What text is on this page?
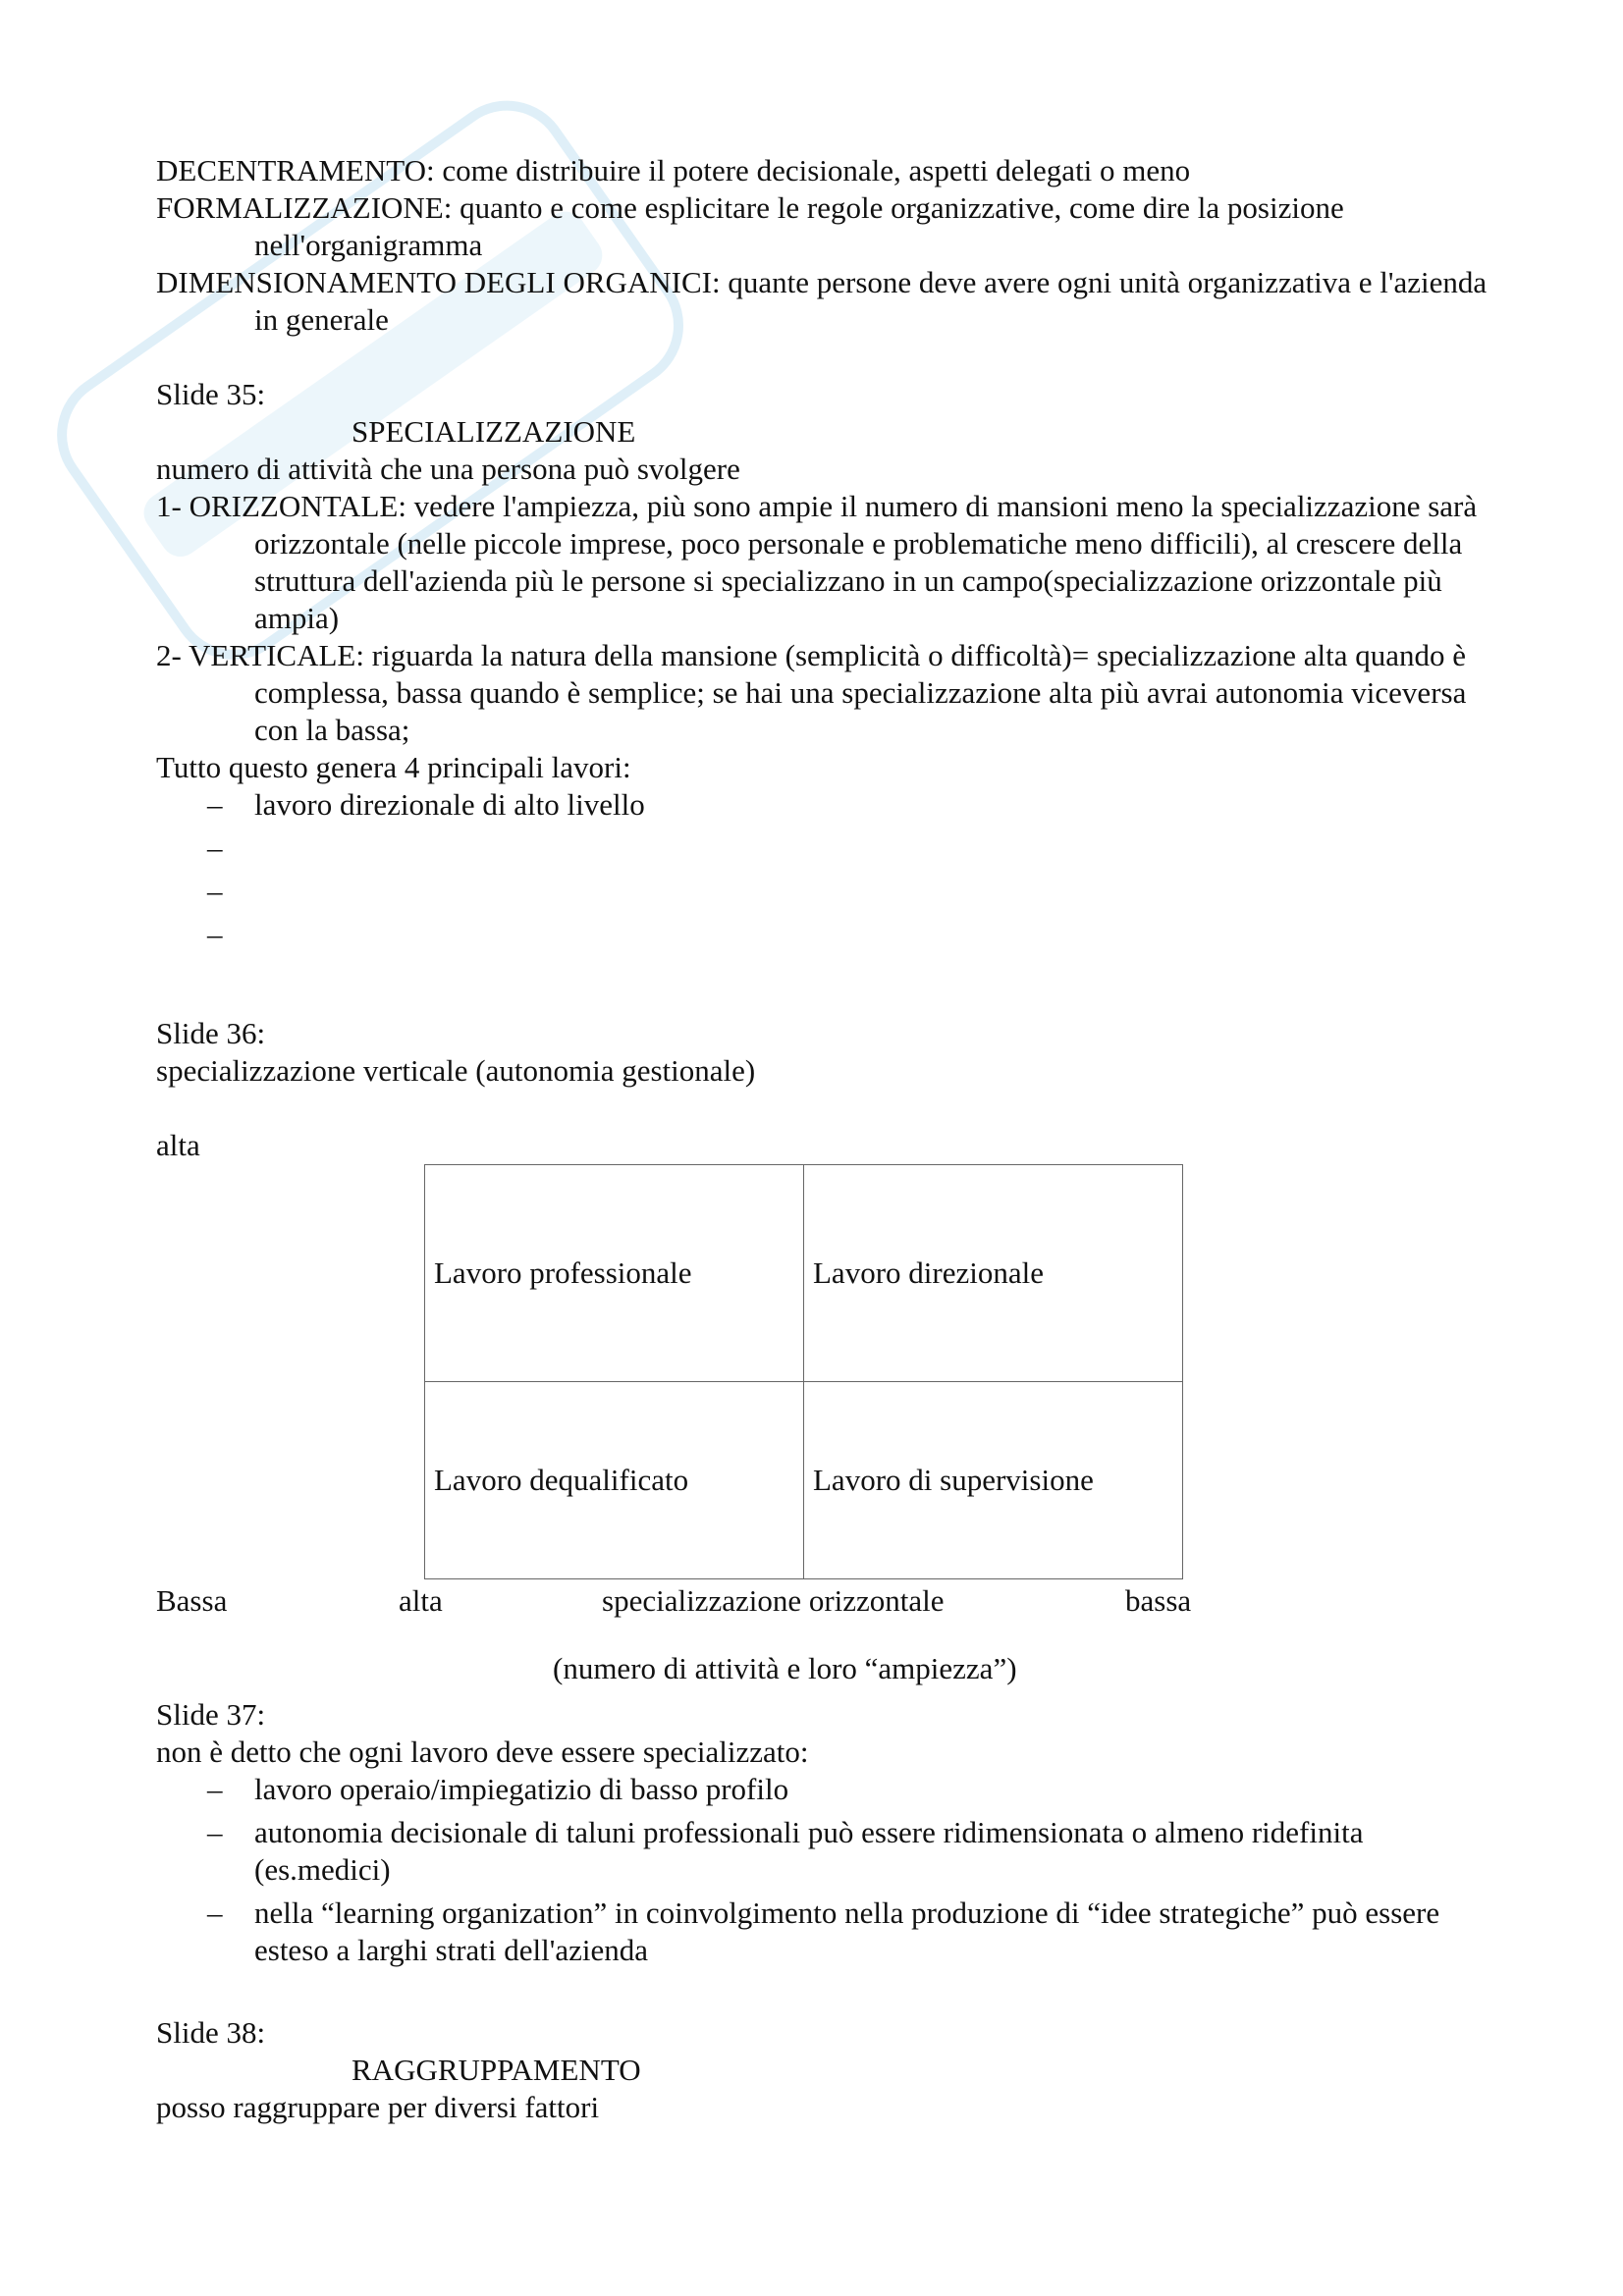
DECENTRAMENTO: come distribuire il potere decisionale, aspetti delegati o meno

FORMALIZZAZIONE: quanto e come esplicitare le regole organizzative, come dire la posizione nell'organigramma

DIMENSIONAMENTO DEGLI ORGANICI: quante persone deve avere ogni unità organizzativa e l'azienda in generale

Slide 35:

SPECIALIZZAZIONE

numero di attività che una persona può svolgere

1- ORIZZONTALE: vedere l'ampiezza, più sono ampie il numero di mansioni meno la specializzazione sarà orizzontale (nelle piccole imprese, poco personale e problematiche meno difficili), al crescere della struttura dell'azienda più le persone si specializzano in un campo(specializzazione orizzontale più ampia)

2- VERTICALE: riguarda la natura della mansione (semplicità o difficoltà)= specializzazione alta quando è complessa, bassa quando è semplice; se hai una specializzazione alta più avrai autonomia viceversa con la bassa;

Tutto questo genera 4 principali lavori:

– lavoro direzionale di alto livello
–
–
–

Slide 36:

specializzazione verticale (autonomia gestionale)

alta

Lavoro professionale	Lavoro direzionale
Lavoro dequalificato	Lavoro di supervisione
Bassa	alta	specializzazione orizzontale	bassa

(numero di attività e loro “ampiezza”)

Slide 37:

non è detto che ogni lavoro deve essere specializzato:

– lavoro operaio/impiegatizio di basso profilo
– autonomia decisionale di taluni professionali può essere ridimensionata o almeno ridefinita (es.medici)
– nella “learning organization” in coinvolgimento nella produzione di “idee strategiche” può essere esteso a larghi strati dell'azienda

Slide 38:

RAGGRUPPAMENTO

posso raggruppare per diversi fattori
